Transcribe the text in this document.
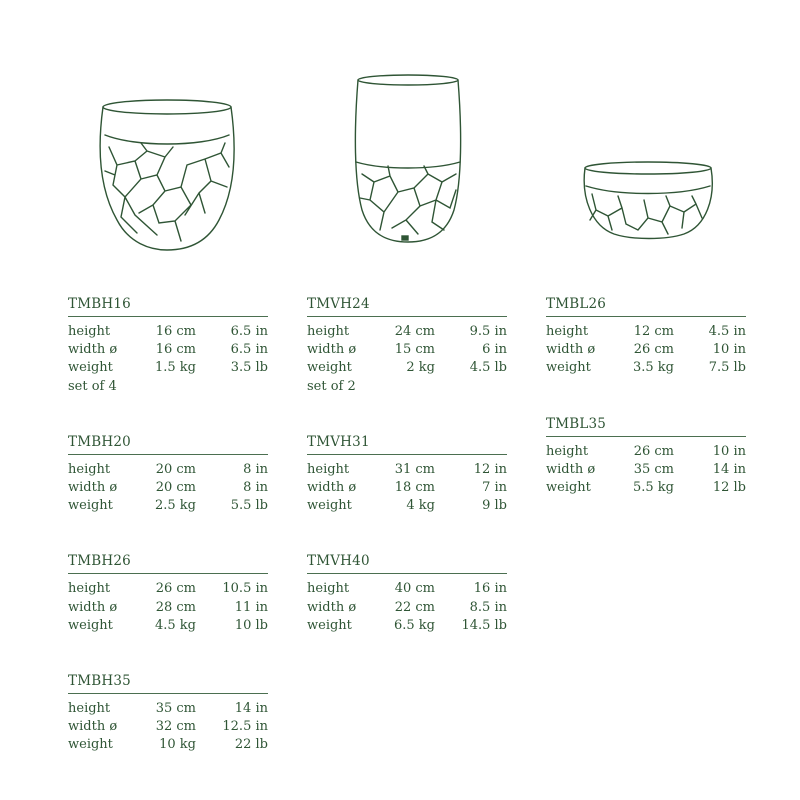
TMBH16
height	16 cm	6.5 in
width ø	16 cm	6.5 in
weight	1.5 kg	3.5 lb
set of 4
TMBH20
height	20 cm	8 in
width ø	20 cm	8 in
weight	2.5 kg	5.5 lb
TMBH26
height	26 cm	10.5 in
width ø	28 cm	11 in
weight	4.5 kg	10 lb
TMBH35
height	35 cm	14 in
width ø	32 cm	12.5 in
weight	10 kg	22 lb
TMVH24
height	24 cm	9.5 in
width ø	15 cm	6 in
weight	2 kg	4.5 lb
set of 2
TMVH31
height	31 cm	12 in
width ø	18 cm	7 in
weight	4 kg	9 lb
TMVH40
height	40 cm	16 in
width ø	22 cm	8.5 in
weight	6.5 kg	14.5 lb
TMBL26
height	12 cm	4.5 in
width ø	26 cm	10 in
weight	3.5 kg	7.5 lb
TMBL35
height	26 cm	10 in
width ø	35 cm	14 in
weight	5.5 kg	12 lb
